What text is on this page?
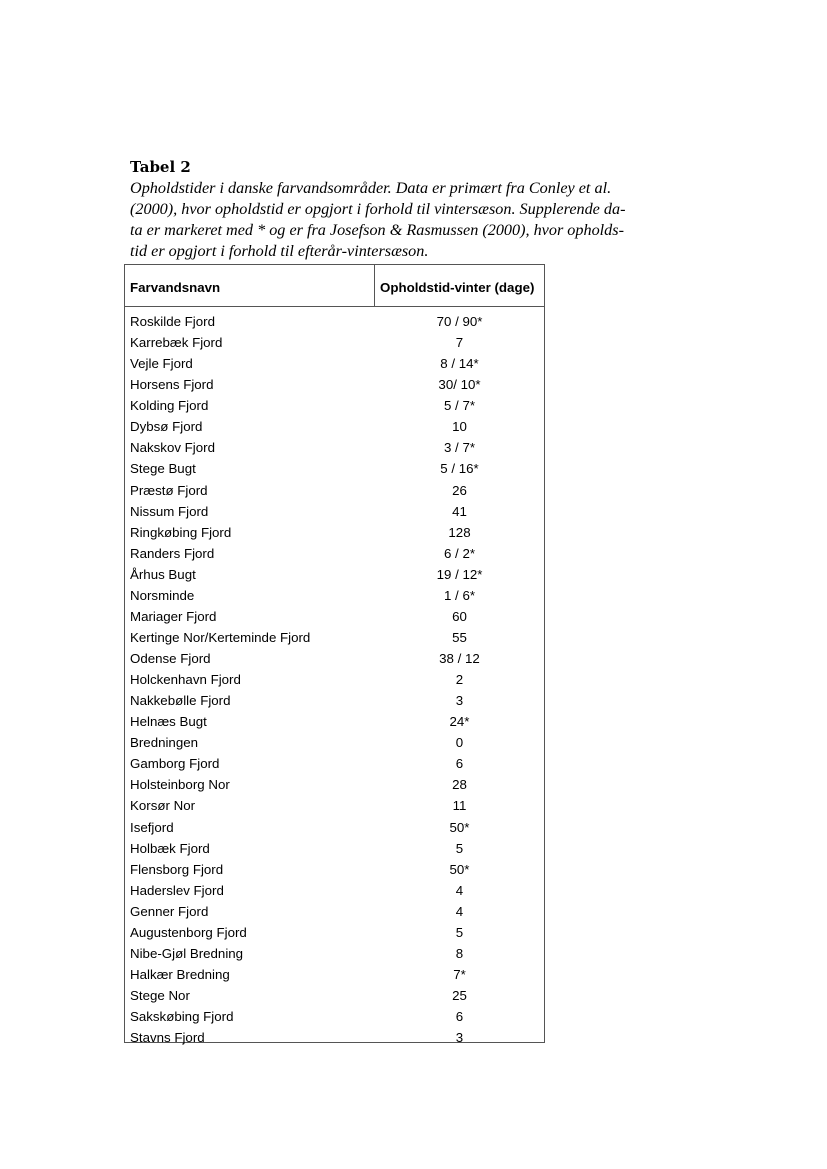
Tabel 2
Opholdstider i danske farvandsområder. Data er primært fra Conley et al.
(2000), hvor opholdstid er opgjort i forhold til vintersæson. Supplerende da-
ta er markeret med * og er fra Josefson & Rasmussen (2000), hvor opholds-
tid er opgjort i forhold til efterår-vintersæson.
Farvandsnavn	Opholdstid-vinter (dage)
Roskilde Fjord	70 / 90*
Karrebæk Fjord	7
Vejle Fjord	8 / 14*
Horsens Fjord	30/ 10*
Kolding Fjord	5 / 7*
Dybsø Fjord	10
Nakskov Fjord	3 / 7*
Stege Bugt	5 / 16*
Præstø Fjord	26
Nissum Fjord	41
Ringkøbing Fjord	128
Randers Fjord	6 / 2*
Århus Bugt	19 / 12*
Norsminde	1 / 6*
Mariager Fjord	60
Kertinge Nor/Kerteminde Fjord	55
Odense Fjord	38 / 12
Holckenhavn Fjord	2
Nakkebølle Fjord	3
Helnæs Bugt	24*
Bredningen	0
Gamborg Fjord	6
Holsteinborg Nor	28
Korsør Nor	11
Isefjord	50*
Holbæk Fjord	5
Flensborg Fjord	50*
Haderslev Fjord	4
Genner Fjord	4
Augustenborg Fjord	5
Nibe-Gjøl Bredning	8
Halkær Bredning	7*
Stege Nor	25
Sakskøbing Fjord	6
Stavns Fjord	3
